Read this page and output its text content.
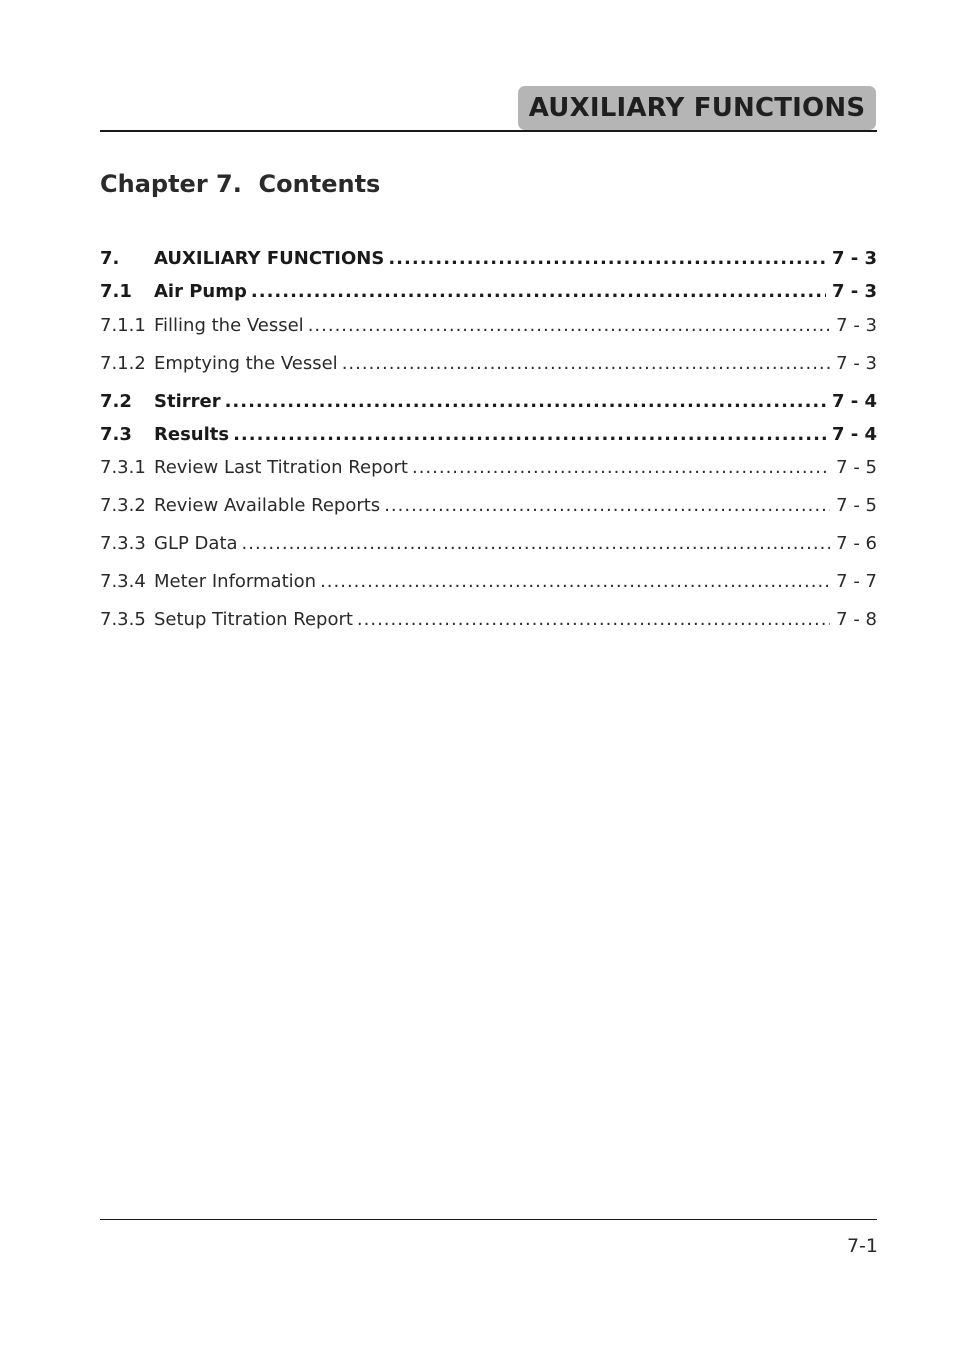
AUXILIARY FUNCTIONS
Chapter 7.  Contents
7.	AUXILIARY FUNCTIONS .....	7 - 3
7.1	Air Pump .....	7 - 3
7.1.1 Filling the Vessel .....	7 - 3
7.1.2 Emptying the Vessel .....	7 - 3
7.2	Stirrer .....	7 - 4
7.3	Results .....	7 - 4
7.3.1 Review Last Titration Report .....	7 - 5
7.3.2 Review Available Reports .....	7 - 5
7.3.3 GLP Data .....	7 - 6
7.3.4 Meter Information .....	7 - 7
7.3.5 Setup Titration Report .....	7 - 8
7-1
